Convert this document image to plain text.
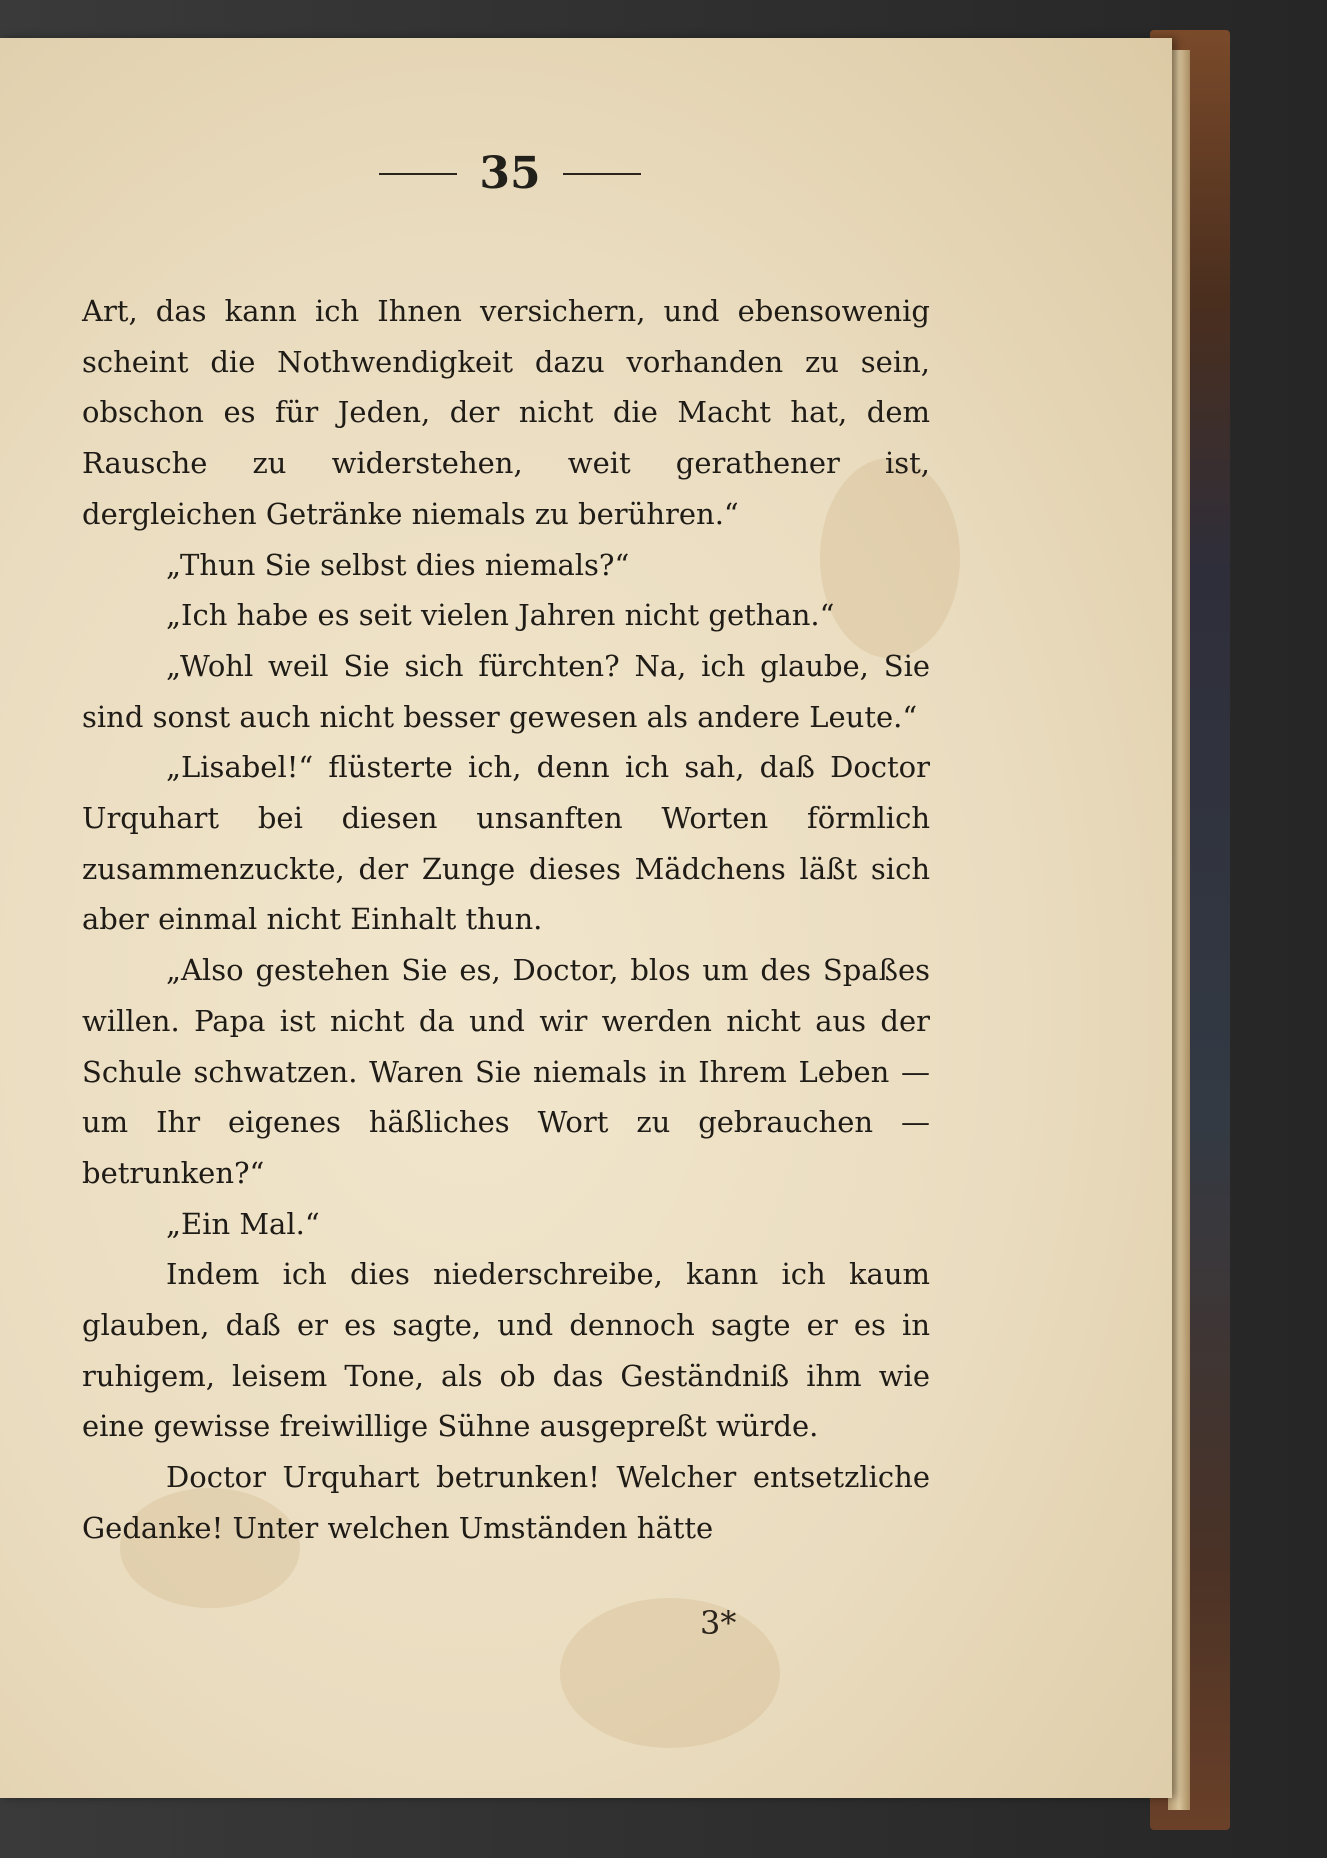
35

Art, das kann ich Ihnen versichern, und ebensowenig scheint die Nothwendigkeit dazu vorhanden zu sein, obschon es für Jeden, der nicht die Macht hat, dem Rausche zu widerstehen, weit gerathener ist, dergleichen Getränke niemals zu berühren.“

„Thun Sie selbst dies niemals?“

„Ich habe es seit vielen Jahren nicht gethan.“

„Wohl weil Sie sich fürchten? Na, ich glaube, Sie sind sonst auch nicht besser gewesen als andere Leute.“

„Lisabel!“ flüsterte ich, denn ich sah, daß Doctor Urquhart bei diesen unsanften Worten förmlich zusammenzuckte, der Zunge dieses Mädchens läßt sich aber einmal nicht Einhalt thun.

„Also gestehen Sie es, Doctor, blos um des Spaßes willen. Papa ist nicht da und wir werden nicht aus der Schule schwatzen. Waren Sie niemals in Ihrem Leben — um Ihr eigenes häßliches Wort zu gebrauchen — betrunken?“

„Ein Mal.“

Indem ich dies niederschreibe, kann ich kaum glauben, daß er es sagte, und dennoch sagte er es in ruhigem, leisem Tone, als ob das Geständniß ihm wie eine gewisse freiwillige Sühne ausgepreßt würde.

Doctor Urquhart betrunken! Welcher entsetzliche Gedanke! Unter welchen Umständen hätte

3*
